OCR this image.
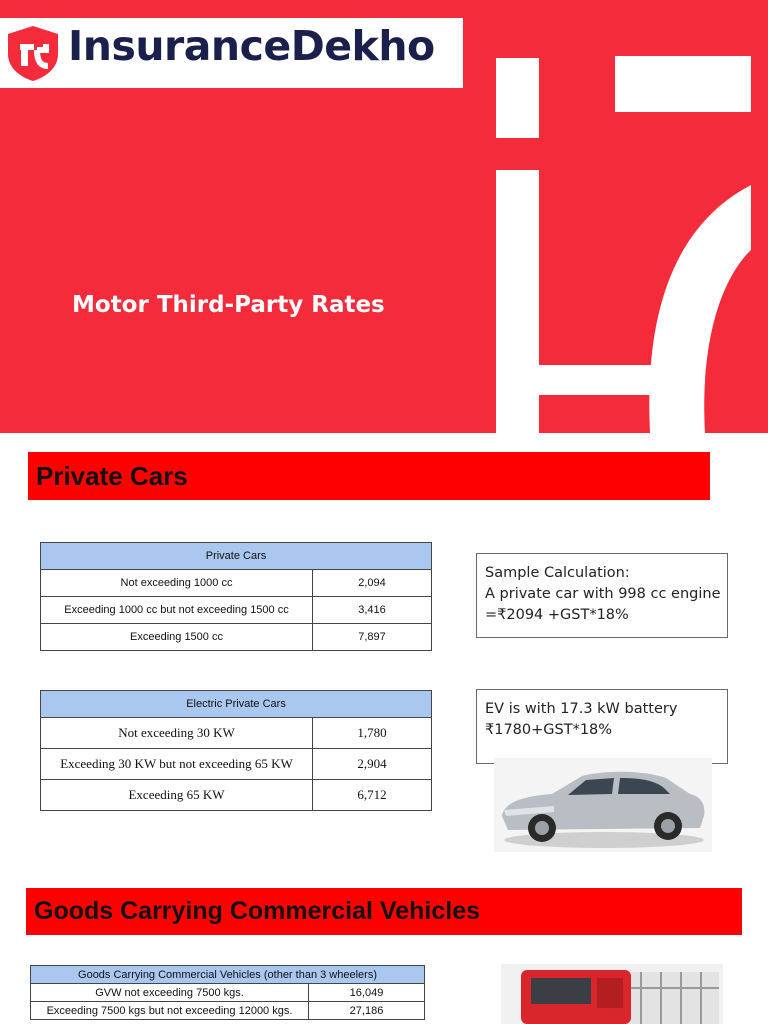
InsuranceDekho
Motor Third-Party Rates
Private Cars
Private Cars	
Not exceeding 1000 cc	2,094
Exceeding 1000 cc but not exceeding 1500 cc	3,416
Exceeding 1500 cc	7,897
Sample Calculation:
A private car with 998 cc engine
=₹2094 +GST*18%
Electric Private Cars	
Not exceeding 30 KW	1,780
Exceeding 30 KW but not exceeding 65 KW	2,904
Exceeding 65 KW	6,712
EV is with 17.3 kW battery
₹1780+GST*18%
Goods Carrying Commercial Vehicles
Goods Carrying Commercial Vehicles (other than 3 wheelers)	
GVW not exceeding 7500 kgs.	16,049
Exceeding 7500 kgs but not exceeding 12000 kgs.	27,186
